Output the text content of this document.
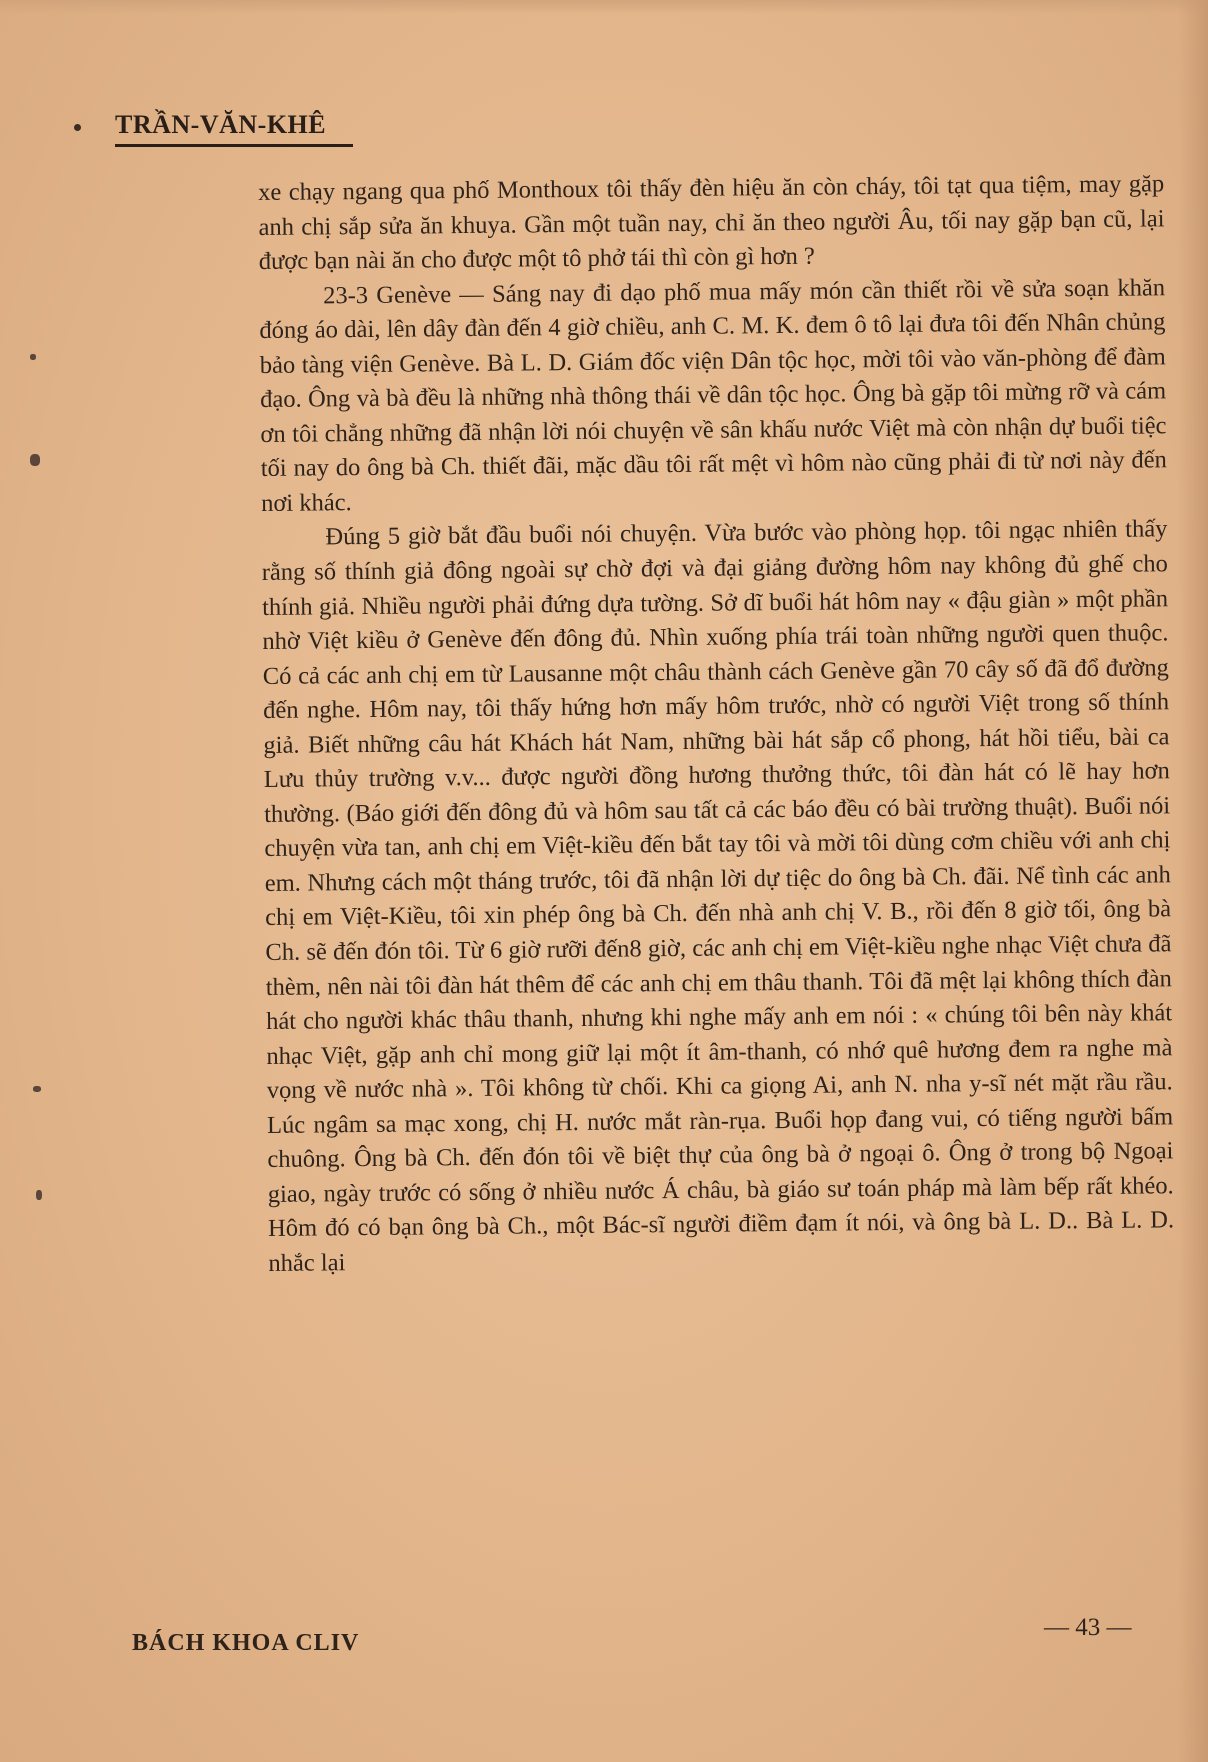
TRẦN-VĂN-KHÊ

xe chạy ngang qua phố Monthoux tôi thấy đèn hiệu ăn còn cháy, tôi tạt qua tiệm, may gặp anh chị sắp sửa ăn khuya. Gần một tuần nay, chỉ ăn theo người Âu, tối nay gặp bạn cũ, lại được bạn nài ăn cho được một tô phở tái thì còn gì hơn ?

23-3 Genève — Sáng nay đi dạo phố mua mấy món cần thiết rồi về sửa soạn khăn đóng áo dài, lên dây đàn đến 4 giờ chiều, anh C. M. K. đem ô tô lại đưa tôi đến Nhân chủng bảo tàng viện Genève. Bà L. D. Giám đốc viện Dân tộc học, mời tôi vào văn-phòng để đàm đạo. Ông và bà đều là những nhà thông thái về dân tộc học. Ông bà gặp tôi mừng rỡ và cám ơn tôi chẳng những đã nhận lời nói chuyện về sân khấu nước Việt mà còn nhận dự buổi tiệc tối nay do ông bà Ch. thiết đãi, mặc dầu tôi rất mệt vì hôm nào cũng phải đi từ nơi này đến nơi khác.

Đúng 5 giờ bắt đầu buổi nói chuyện. Vừa bước vào phòng họp. tôi ngạc nhiên thấy rằng số thính giả đông ngoài sự chờ đợi và đại giảng đường hôm nay không đủ ghế cho thính giả. Nhiều người phải đứng dựa tường. Sở dĩ buổi hát hôm nay « đậu giàn » một phần nhờ Việt kiều ở Genève đến đông đủ. Nhìn xuống phía trái toàn những người quen thuộc. Có cả các anh chị em từ Lausanne một châu thành cách Genève gần 70 cây số đã đổ đường đến nghe. Hôm nay, tôi thấy hứng hơn mấy hôm trước, nhờ có người Việt trong số thính giả. Biết những câu hát Khách hát Nam, những bài hát sắp cổ phong, hát hồi tiểu, bài ca Lưu thủy trường v.v... được người đồng hương thưởng thức, tôi đàn hát có lẽ hay hơn thường. (Báo giới đến đông đủ và hôm sau tất cả các báo đều có bài trường thuật). Buổi nói chuyện vừa tan, anh chị em Việt-kiều đến bắt tay tôi và mời tôi dùng cơm chiều với anh chị em. Nhưng cách một tháng trước, tôi đã nhận lời dự tiệc do ông bà Ch. đãi. Nể tình các anh chị em Việt-Kiều, tôi xin phép ông bà Ch. đến nhà anh chị V. B., rồi đến 8 giờ tối, ông bà Ch. sẽ đến đón tôi. Từ 6 giờ rưỡi đến8 giờ, các anh chị em Việt-kiều nghe nhạc Việt chưa đã thèm, nên nài tôi đàn hát thêm để các anh chị em thâu thanh. Tôi đã mệt lại không thích đàn hát cho người khác thâu thanh, nhưng khi nghe mấy anh em nói : « chúng tôi bên này khát nhạc Việt, gặp anh chỉ mong giữ lại một ít âm-thanh, có nhớ quê hương đem ra nghe mà vọng về nước nhà ». Tôi không từ chối. Khi ca giọng Ai, anh N. nha y-sĩ nét mặt rầu rầu. Lúc ngâm sa mạc xong, chị H. nước mắt ràn-rụa. Buổi họp đang vui, có tiếng người bấm chuông. Ông bà Ch. đến đón tôi về biệt thự của ông bà ở ngoại ô. Ông ở trong bộ Ngoại giao, ngày trước có sống ở nhiều nước Á châu, bà giáo sư toán pháp mà làm bếp rất khéo. Hôm đó có bạn ông bà Ch., một Bác-sĩ người điềm đạm ít nói, và ông bà L. D.. Bà L. D. nhắc lại

BÁCH KHOA CLIV
— 43 —
